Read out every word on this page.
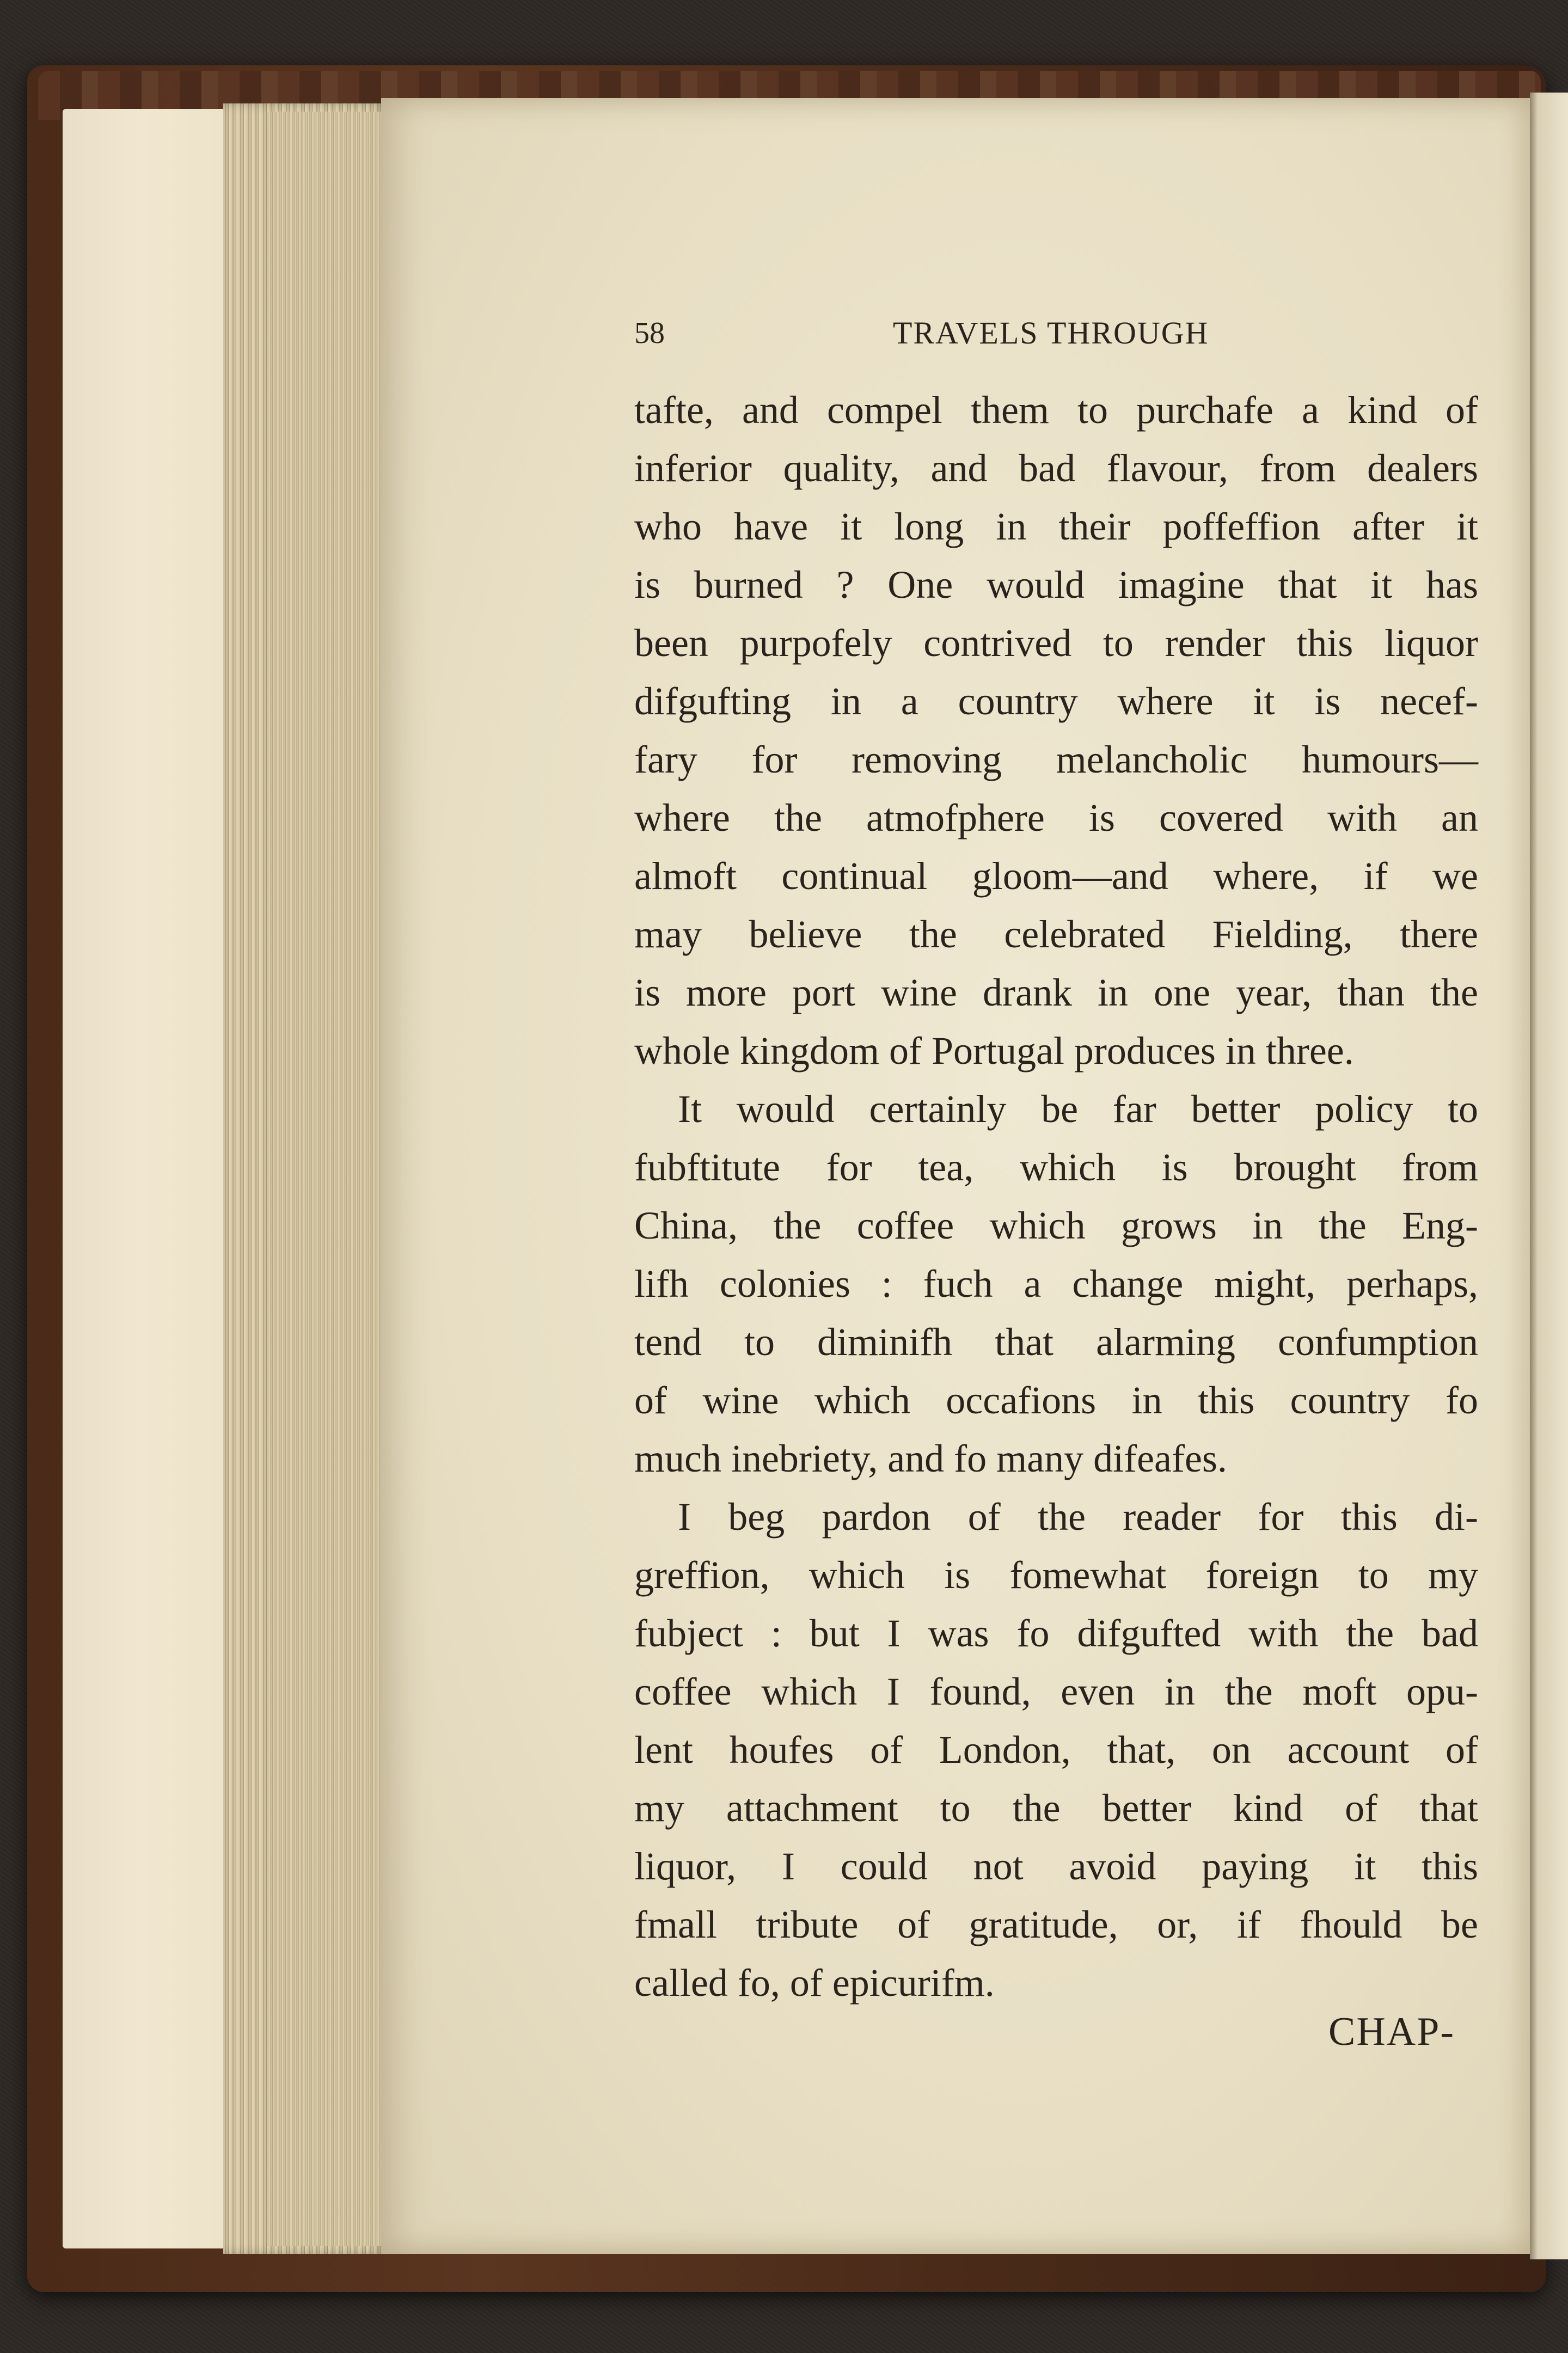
58	TRAVELS THROUGH
tafte, and compel them to purchafe a kind of
inferior quality, and bad flavour, from dealers
who have it long in their poffeffion after it
is burned ? One would imagine that it has
been purpofely contrived to render this liquor
difgufting in a country where it is necef-
fary for removing melancholic humours—
where the atmofphere is covered with an
almoft continual gloom—and where, if we
may believe the celebrated Fielding, there
is more port wine drank in one year, than the
whole kingdom of Portugal produces in three.
It would certainly be far better policy to
fubftitute for tea, which is brought from
China, the coffee which grows in the Eng-
lifh colonies : fuch a change might, perhaps,
tend to diminifh that alarming confumption
of wine which occafions in this country fo
much inebriety, and fo many difeafes.
I beg pardon of the reader for this di-
greffion, which is fomewhat foreign to my
fubject : but I was fo difgufted with the bad
coffee which I found, even in the moft opu-
lent houfes of London, that, on account of
my attachment to the better kind of that
liquor, I could not avoid paying it this
fmall tribute of gratitude, or, if fhould be
called fo, of epicurifm.
CHAP-
